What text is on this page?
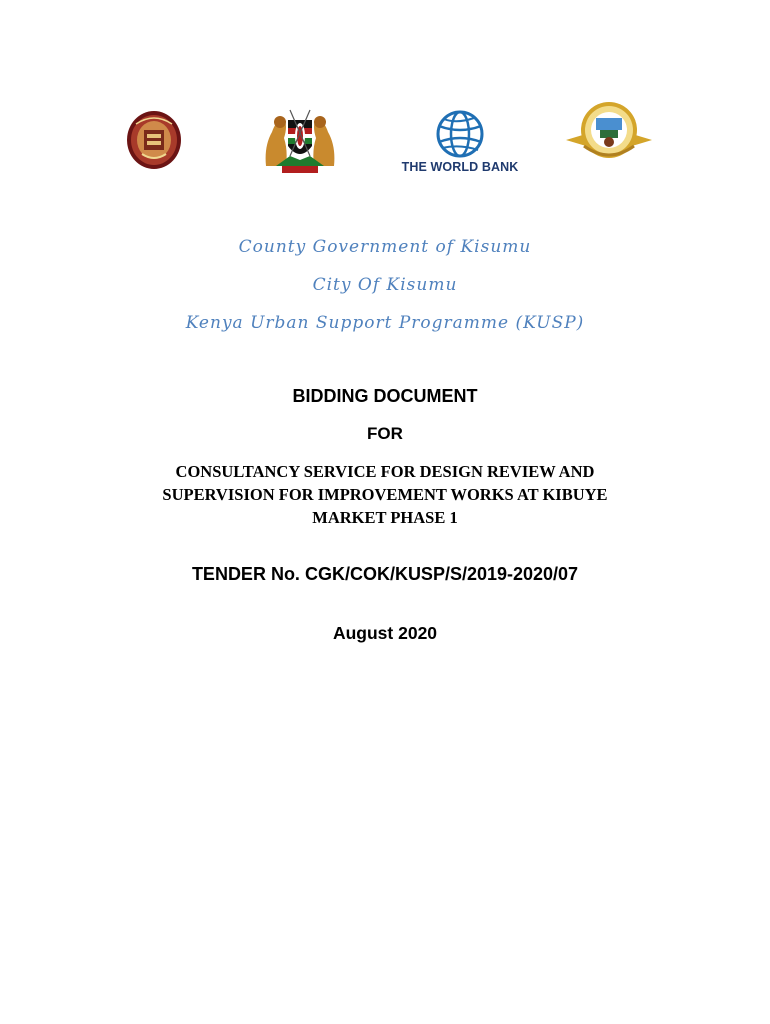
THE WORLD BANK
County Government of Kisumu
City Of Kisumu
Kenya Urban Support Programme (KUSP)
BIDDING DOCUMENT
FOR
CONSULTANCY SERVICE FOR DESIGN REVIEW AND
SUPERVISION FOR IMPROVEMENT WORKS AT KIBUYE
MARKET PHASE 1
TENDER No. CGK/COK/KUSP/S/2019-2020/07
August 2020
